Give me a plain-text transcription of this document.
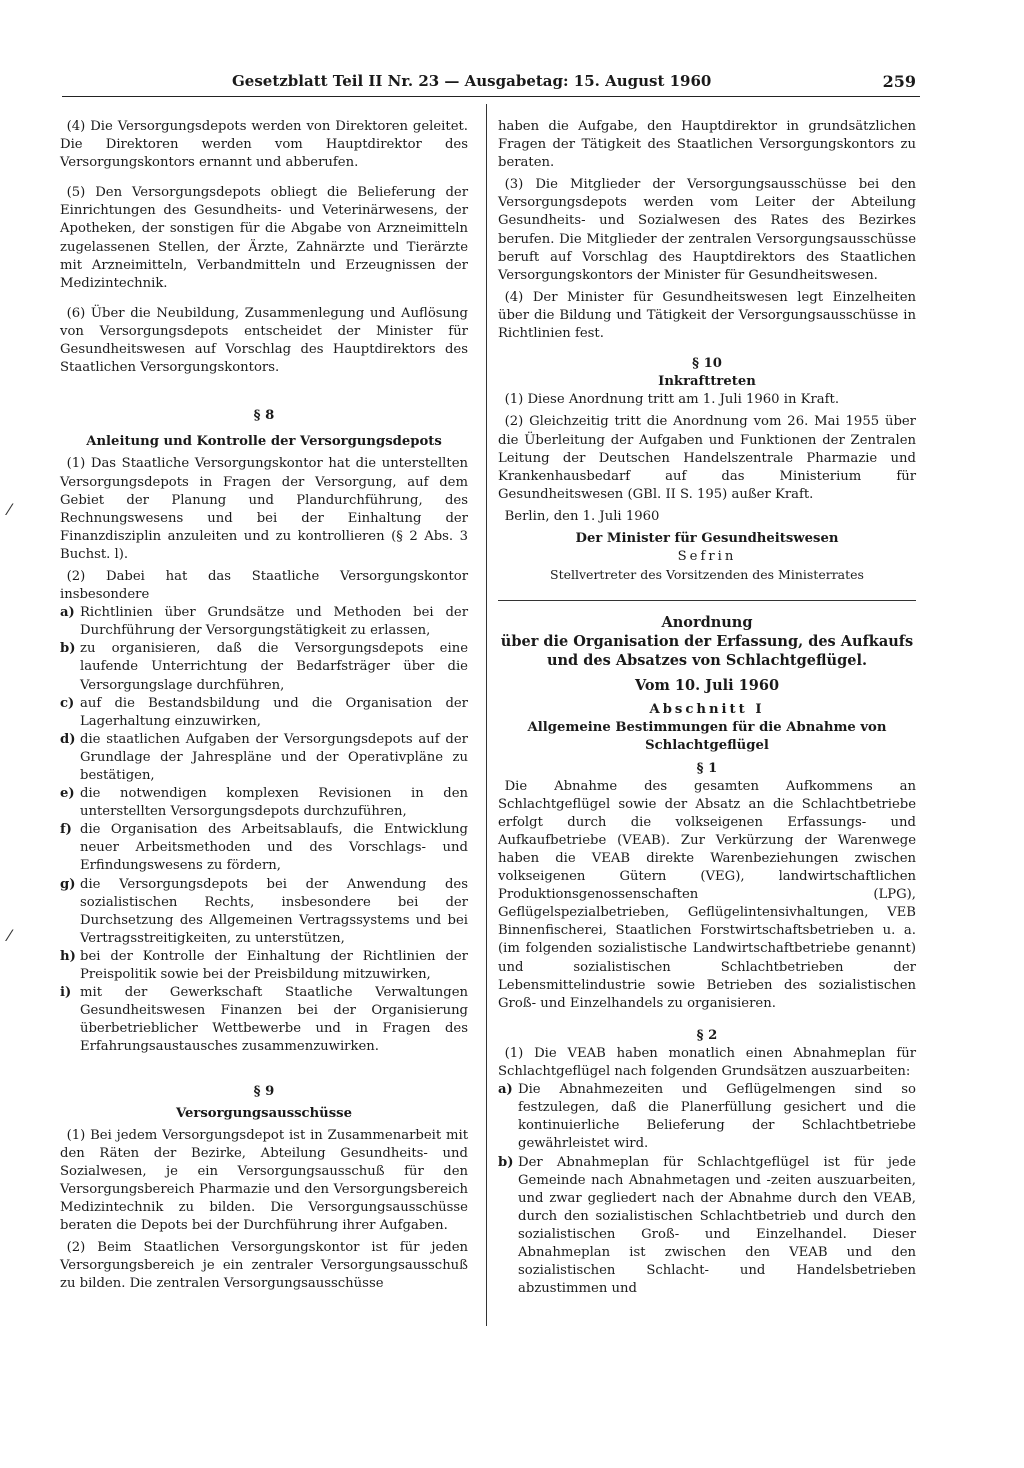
Gesetzblatt Teil II Nr. 23 — Ausgabetag: 15. August 1960	259
⁄
⁄

(4) Die Versorgungsdepots werden von Direktoren geleitet. Die Direktoren werden vom Hauptdirektor des Versorgungskontors ernannt und abberufen.

(5) Den Versorgungsdepots obliegt die Belieferung der Einrichtungen des Gesundheits- und Veterinärwesens, der Apotheken, der sonstigen für die Abgabe von Arzneimitteln zugelassenen Stellen, der Ärzte, Zahnärzte und Tierärzte mit Arzneimitteln, Verbandmitteln und Erzeugnissen der Medizintechnik.

(6) Über die Neubildung, Zusammenlegung und Auflösung von Versorgungsdepots entscheidet der Minister für Gesundheitswesen auf Vorschlag des Hauptdirektors des Staatlichen Versorgungskontors.

§ 8
Anleitung und Kontrolle der Versorgungsdepots

(1) Das Staatliche Versorgungskontor hat die unterstellten Versorgungsdepots in Fragen der Versorgung, auf dem Gebiet der Planung und Plandurchführung, des Rechnungswesens und bei der Einhaltung der Finanzdisziplin anzuleiten und zu kontrollieren (§ 2 Abs. 3 Buchst. l).

(2) Dabei hat das Staatliche Versorgungskontor insbesondere

a) Richtlinien über Grundsätze und Methoden bei der Durchführung der Versorgungstätigkeit zu erlassen,
b) zu organisieren, daß die Versorgungsdepots eine laufende Unterrichtung der Bedarfsträger über die Versorgungslage durchführen,
c) auf die Bestandsbildung und die Organisation der Lagerhaltung einzuwirken,
d) die staatlichen Aufgaben der Versorgungsdepots auf der Grundlage der Jahrespläne und der Operativpläne zu bestätigen,
e) die notwendigen komplexen Revisionen in den unterstellten Versorgungsdepots durchzuführen,
f) die Organisation des Arbeitsablaufs, die Entwicklung neuer Arbeitsmethoden und des Vorschlags- und Erfindungswesens zu fördern,
g) die Versorgungsdepots bei der Anwendung des sozialistischen Rechts, insbesondere bei der Durchsetzung des Allgemeinen Vertragssystems und bei Vertragsstreitigkeiten, zu unterstützen,
h) bei der Kontrolle der Einhaltung der Richtlinien der Preispolitik sowie bei der Preisbildung mitzuwirken,
i) mit der Gewerkschaft Staatliche Verwaltungen Gesundheitswesen Finanzen bei der Organisierung überbetrieblicher Wettbewerbe und in Fragen des Erfahrungsaustausches zusammenzuwirken.
§ 9
Versorgungsausschüsse

(1) Bei jedem Versorgungsdepot ist in Zusammenarbeit mit den Räten der Bezirke, Abteilung Gesundheits- und Sozialwesen, je ein Versorgungsausschuß für den Versorgungsbereich Pharmazie und den Versorgungsbereich Medizintechnik zu bilden. Die Versorgungsausschüsse beraten die Depots bei der Durchführung ihrer Aufgaben.

(2) Beim Staatlichen Versorgungskontor ist für jeden Versorgungsbereich je ein zentraler Versorgungsausschuß zu bilden. Die zentralen Versorgungsausschüsse

haben die Aufgabe, den Hauptdirektor in grundsätzlichen Fragen der Tätigkeit des Staatlichen Versorgungskontors zu beraten.

(3) Die Mitglieder der Versorgungsausschüsse bei den Versorgungsdepots werden vom Leiter der Abteilung Gesundheits- und Sozialwesen des Rates des Bezirkes berufen. Die Mitglieder der zentralen Versorgungsausschüsse beruft auf Vorschlag des Hauptdirektors des Staatlichen Versorgungskontors der Minister für Gesundheitswesen.

(4) Der Minister für Gesundheitswesen legt Einzelheiten über die Bildung und Tätigkeit der Versorgungsausschüsse in Richtlinien fest.

§ 10
Inkrafttreten

(1) Diese Anordnung tritt am 1. Juli 1960 in Kraft.

(2) Gleichzeitig tritt die Anordnung vom 26. Mai 1955 über die Überleitung der Aufgaben und Funktionen der Zentralen Leitung der Deutschen Handelszentrale Pharmazie und Krankenhausbedarf auf das Ministerium für Gesundheitswesen (GBl. II S. 195) außer Kraft.

Berlin, den 1. Juli 1960

Der Minister für Gesundheitswesen
Sefrin
Stellvertreter des Vorsitzenden des Ministerrates
Anordnung
über die Organisation der Erfassung, des Aufkaufs und des Absatzes von Schlachtgeflügel.
Vom 10. Juli 1960
Abschnitt I
Allgemeine Bestimmungen für die Abnahme von Schlachtgeflügel
§ 1

Die Abnahme des gesamten Aufkommens an Schlachtgeflügel sowie der Absatz an die Schlachtbetriebe erfolgt durch die volkseigenen Erfassungs- und Aufkaufbetriebe (VEAB). Zur Verkürzung der Warenwege haben die VEAB direkte Warenbeziehungen zwischen volkseigenen Gütern (VEG), landwirtschaftlichen Produktionsgenossenschaften (LPG), Geflügelspezialbetrieben, Geflügelintensivhaltungen, VEB Binnenfischerei, Staatlichen Forstwirtschaftsbetrieben u. a. (im folgenden sozialistische Landwirtschaftbetriebe genannt) und sozialistischen Schlachtbetrieben der Lebensmittelindustrie sowie Betrieben des sozialistischen Groß- und Einzelhandels zu organisieren.

§ 2

(1) Die VEAB haben monatlich einen Abnahmeplan für Schlachtgeflügel nach folgenden Grundsätzen auszuarbeiten:

a) Die Abnahmezeiten und Geflügelmengen sind so festzulegen, daß die Planerfüllung gesichert und die kontinuierliche Belieferung der Schlachtbetriebe gewährleistet wird.
b) Der Abnahmeplan für Schlachtgeflügel ist für jede Gemeinde nach Abnahmetagen und -zeiten auszuarbeiten, und zwar gegliedert nach der Abnahme durch den VEAB, durch den sozialistischen Schlachtbetrieb und durch den sozialistischen Groß- und Einzelhandel. Dieser Abnahmeplan ist zwischen den VEAB und den sozialistischen Schlacht- und Handelsbetrieben abzustimmen und
